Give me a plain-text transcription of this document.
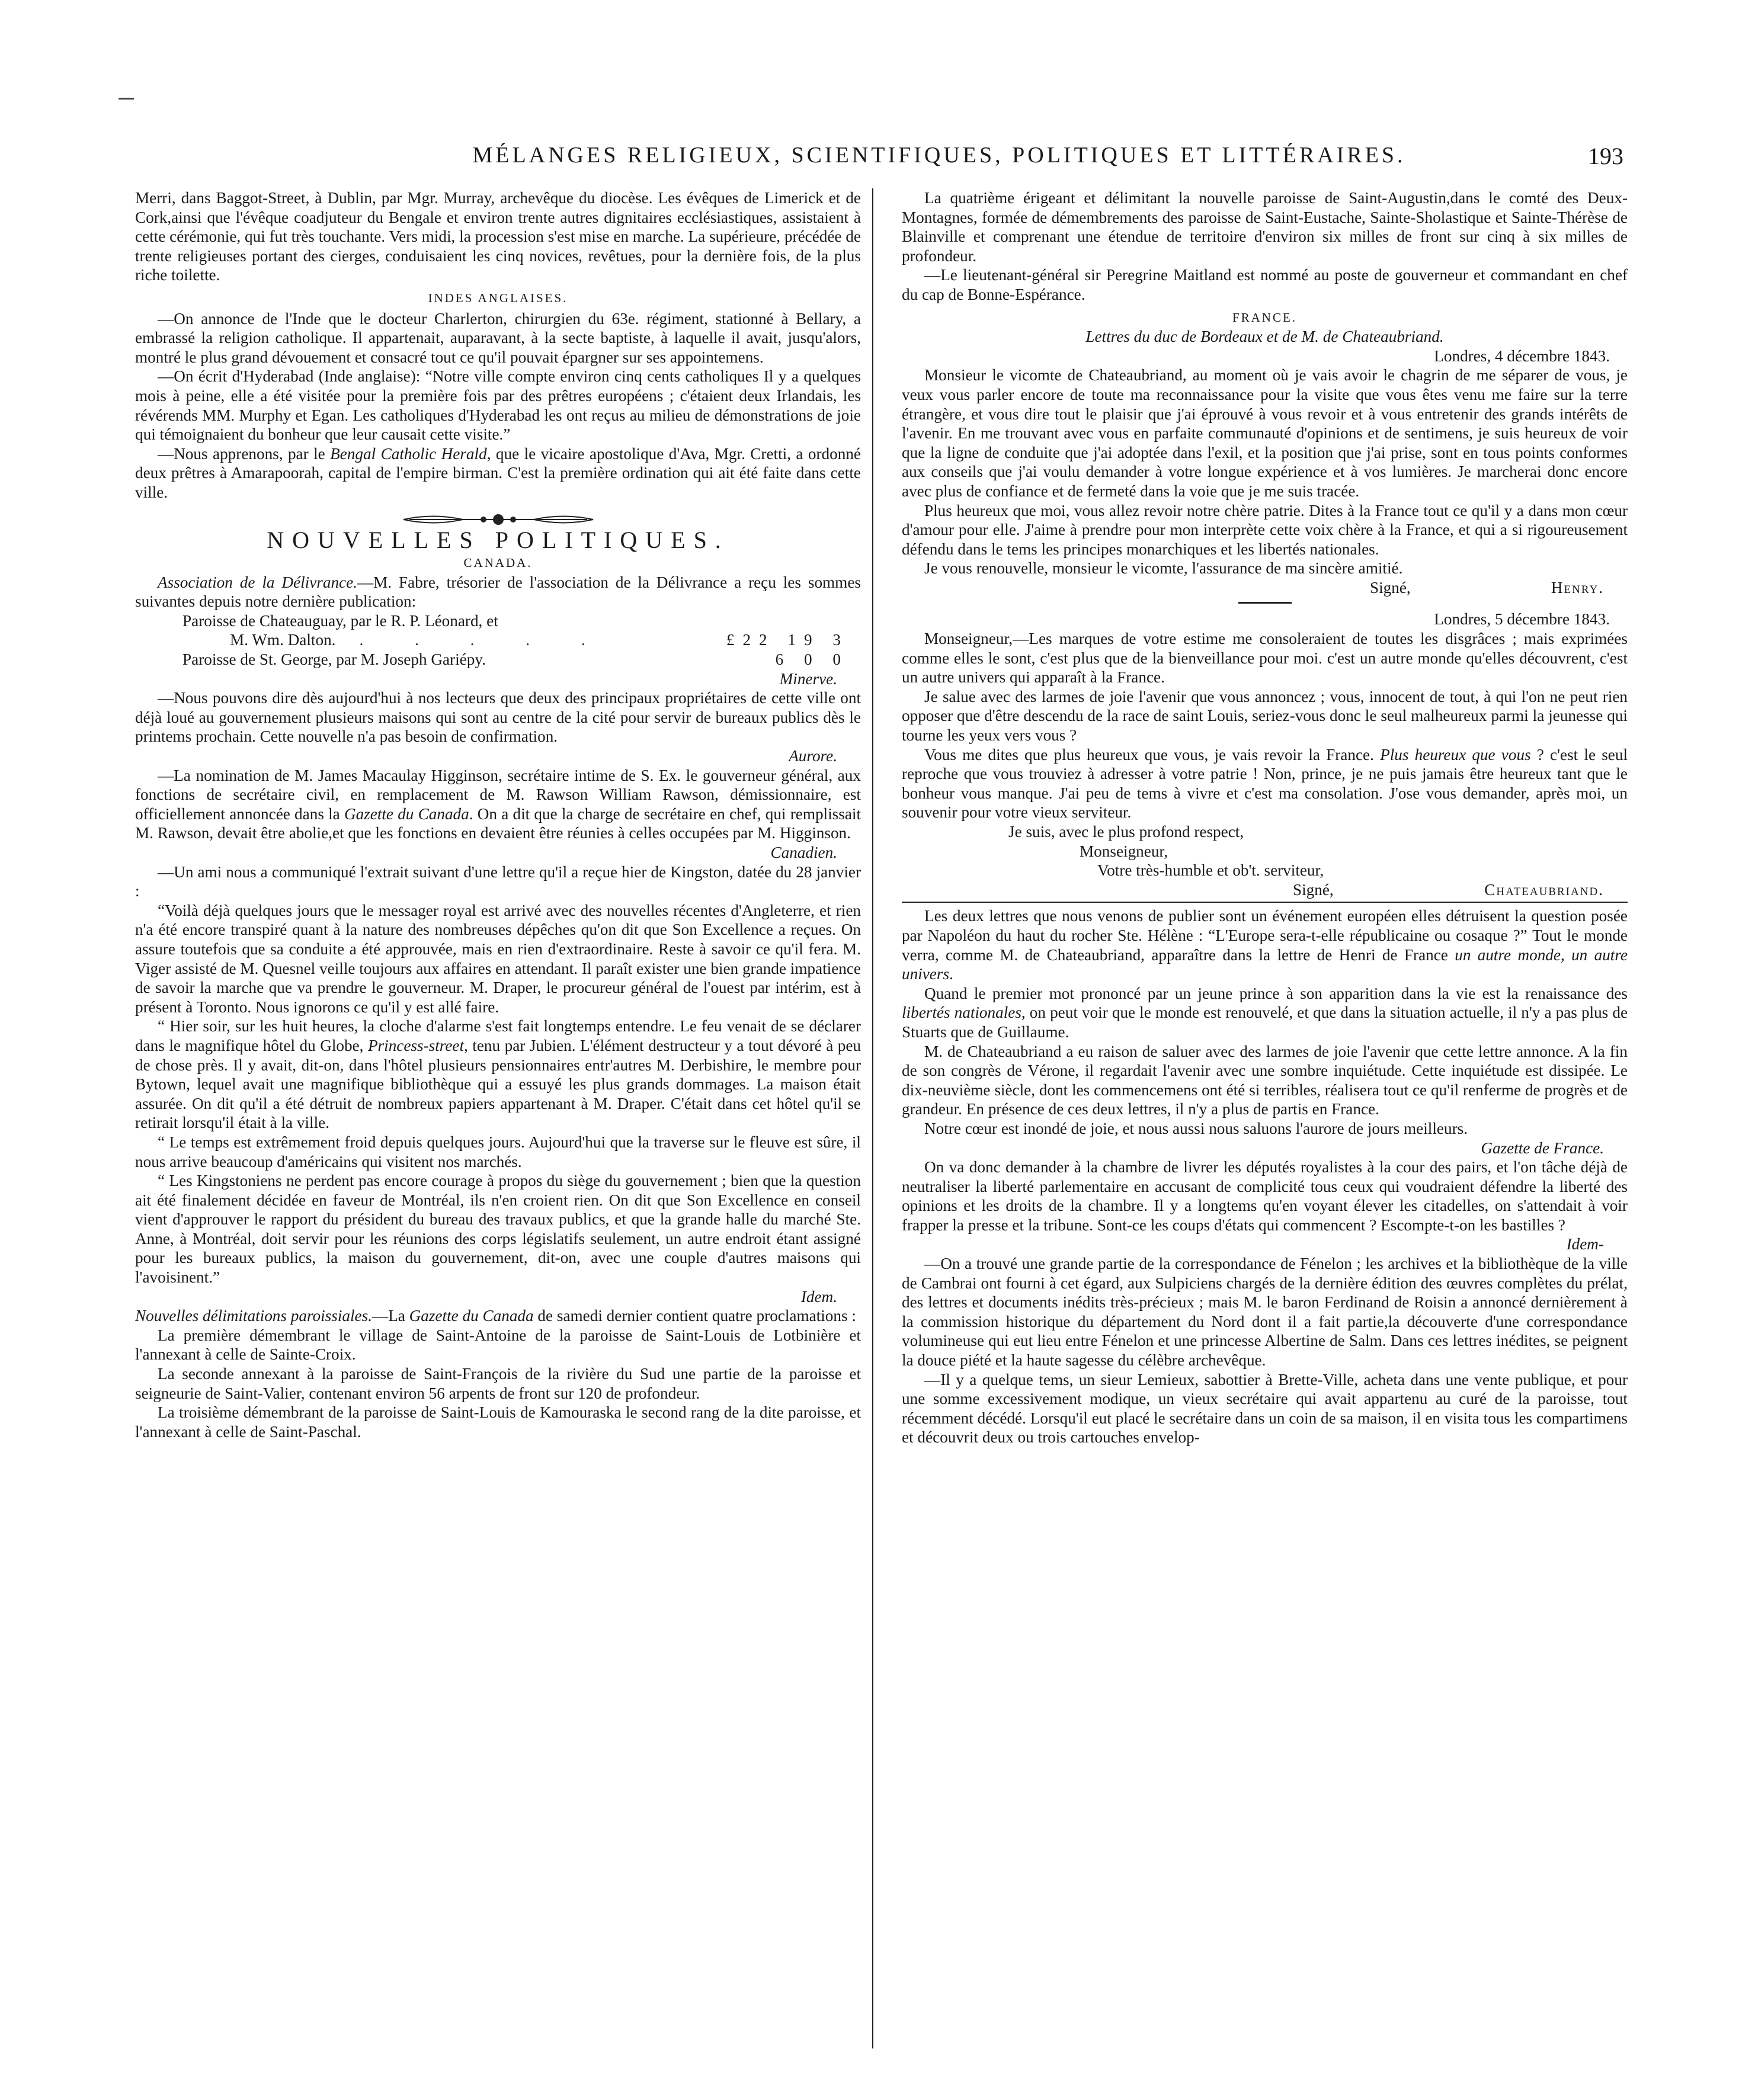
MÉLANGES RELIGIEUX, SCIENTIFIQUES, POLITIQUES ET LITTÉRAIRES.	193

Merri, dans Baggot-Street, à Dublin, par Mgr. Murray, archevêque du diocèse. Les évêques de Limerick et de Cork,ainsi que l'évêque coadjuteur du Bengale et environ trente autres dignitaires ecclésiastiques, assistaient à cette cérémonie, qui fut très touchante. Vers midi, la procession s'est mise en marche. La supérieure, précédée de trente religieuses portant des cierges, conduisaient les cinq novices, revêtues, pour la dernière fois, de la plus riche toilette.

INDES ANGLAISES.

—On annonce de l'Inde que le docteur Charlerton, chirurgien du 63e. régiment, stationné à Bellary, a embrassé la religion catholique. Il appartenait, auparavant, à la secte baptiste, à laquelle il avait, jusqu'alors, montré le plus grand dévouement et consacré tout ce qu'il pouvait épargner sur ses appointemens.

—On écrit d'Hyderabad (Inde anglaise): “Notre ville compte environ cinq cents catholiques Il y a quelques mois à peine, elle a été visitée pour la première fois par des prêtres européens ; c'étaient deux Irlandais, les révérends MM. Murphy et Egan. Les catholiques d'Hyderabad les ont reçus au milieu de démonstrations de joie qui témoignaient du bonheur que leur causait cette visite.”

—Nous apprenons, par le Bengal Catholic Herald, que le vicaire apostolique d'Ava, Mgr. Cretti, a ordonné deux prêtres à Amarapoorah, capital de l'empire birman. C'est la première ordination qui ait été faite dans cette ville.

NOUVELLES POLITIQUES.
CANADA.

Association de la Délivrance.—M. Fabre, trésorier de l'association de la Délivrance a reçu les sommes suivantes depuis notre dernière publication:

Paroisse de Chateauguay, par le R. P. Léonard, et
M. Wm. Dalton.	. . . . .	£22 19 3
Paroisse de St. George, par M. Joseph Gariépy.	6 0 0

Minerve.

—Nous pouvons dire dès aujourd'hui à nos lecteurs que deux des principaux propriétaires de cette ville ont déjà loué au gouvernement plusieurs maisons qui sont au centre de la cité pour servir de bureaux publics dès le printems prochain. Cette nouvelle n'a pas besoin de confirmation.

Aurore.

—La nomination de M. James Macaulay Higginson, secrétaire intime de S. Ex. le gouverneur général, aux fonctions de secrétaire civil, en remplacement de M. Rawson William Rawson, démissionnaire, est officiellement annoncée dans la Gazette du Canada. On a dit que la charge de secrétaire en chef, qui remplissait M. Rawson, devait être abolie,et que les fonctions en devaient être réunies à celles occupées par M. Higginson.

Canadien.

—Un ami nous a communiqué l'extrait suivant d'une lettre qu'il a reçue hier de Kingston, datée du 28 janvier :

“Voilà déjà quelques jours que le messager royal est arrivé avec des nouvelles récentes d'Angleterre, et rien n'a été encore transpiré quant à la nature des nombreuses dépêches qu'on dit que Son Excellence a reçues. On assure toutefois que sa conduite a été approuvée, mais en rien d'extraordinaire. Reste à savoir ce qu'il fera. M. Viger assisté de M. Quesnel veille toujours aux affaires en attendant. Il paraît exister une bien grande impatience de savoir la marche que va prendre le gouverneur. M. Draper, le procureur général de l'ouest par intérim, est à présent à Toronto. Nous ignorons ce qu'il y est allé faire.

“ Hier soir, sur les huit heures, la cloche d'alarme s'est fait longtemps entendre. Le feu venait de se déclarer dans le magnifique hôtel du Globe, Princess-street, tenu par Jubien. L'élément destructeur y a tout dévoré à peu de chose près. Il y avait, dit-on, dans l'hôtel plusieurs pensionnaires entr'autres M. Derbishire, le membre pour Bytown, lequel avait une magnifique bibliothèque qui a essuyé les plus grands dommages. La maison était assurée. On dit qu'il a été détruit de nombreux papiers appartenant à M. Draper. C'était dans cet hôtel qu'il se retirait lorsqu'il était à la ville.

“ Le temps est extrêmement froid depuis quelques jours. Aujourd'hui que la traverse sur le fleuve est sûre, il nous arrive beaucoup d'américains qui visitent nos marchés.

“ Les Kingstoniens ne perdent pas encore courage à propos du siège du gouvernement ; bien que la question ait été finalement décidée en faveur de Montréal, ils n'en croient rien. On dit que Son Excellence en conseil vient d'approuver le rapport du président du bureau des travaux publics, et que la grande halle du marché Ste. Anne, à Montréal, doit servir pour les réunions des corps législatifs seulement, un autre endroit étant assigné pour les bureaux publics, la maison du gouvernement, dit-on, avec une couple d'autres maisons qui l'avoisinent.”

Idem.

Nouvelles délimitations paroissiales.—La Gazette du Canada de samedi dernier contient quatre proclamations :

La première démembrant le village de Saint-Antoine de la paroisse de Saint-Louis de Lotbinière et l'annexant à celle de Sainte-Croix.

La seconde annexant à la paroisse de Saint-François de la rivière du Sud une partie de la paroisse et seigneurie de Saint-Valier, contenant environ 56 arpents de front sur 120 de profondeur.

La troisième démembrant de la paroisse de Saint-Louis de Kamouraska le second rang de la dite paroisse, et l'annexant à celle de Saint-Paschal.

La quatrième érigeant et délimitant la nouvelle paroisse de Saint-Augustin,dans le comté des Deux-Montagnes, formée de démembrements des paroisse de Saint-Eustache, Sainte-Sholastique et Sainte-Thérèse de Blainville et comprenant une étendue de territoire d'environ six milles de front sur cinq à six milles de profondeur.

—Le lieutenant-général sir Peregrine Maitland est nommé au poste de gouverneur et commandant en chef du cap de Bonne-Espérance.

FRANCE.

Lettres du duc de Bordeaux et de M. de Chateaubriand.

Londres, 4 décembre 1843.

Monsieur le vicomte de Chateaubriand, au moment où je vais avoir le chagrin de me séparer de vous, je veux vous parler encore de toute ma reconnaissance pour la visite que vous êtes venu me faire sur la terre étrangère, et vous dire tout le plaisir que j'ai éprouvé à vous revoir et à vous entretenir des grands intérêts de l'avenir. En me trouvant avec vous en parfaite communauté d'opinions et de sentimens, je suis heureux de voir que la ligne de conduite que j'ai adoptée dans l'exil, et la position que j'ai prise, sont en tous points conformes aux conseils que j'ai voulu demander à votre longue expérience et à vos lumières. Je marcherai donc encore avec plus de confiance et de fermeté dans la voie que je me suis tracée.

Plus heureux que moi, vous allez revoir notre chère patrie. Dites à la France tout ce qu'il y a dans mon cœur d'amour pour elle. J'aime à prendre pour mon interprète cette voix chère à la France, et qui a si rigoureusement défendu dans le tems les principes monarchiques et les libertés nationales.

Je vous renouvelle, monsieur le vicomte, l'assurance de ma sincère amitié.

Signé,	Henry.

Londres, 5 décembre 1843.

Monseigneur,—Les marques de votre estime me consoleraient de toutes les disgrâces ; mais exprimées comme elles le sont, c'est plus que de la bienveillance pour moi. c'est un autre monde qu'elles découvrent, c'est un autre univers qui apparaît à la France.

Je salue avec des larmes de joie l'avenir que vous annoncez ; vous, innocent de tout, à qui l'on ne peut rien opposer que d'être descendu de la race de saint Louis, seriez-vous donc le seul malheureux parmi la jeunesse qui tourne les yeux vers vous ?

Vous me dites que plus heureux que vous, je vais revoir la France. Plus heureux que vous ? c'est le seul reproche que vous trouviez à adresser à votre patrie ! Non, prince, je ne puis jamais être heureux tant que le bonheur vous manque. J'ai peu de tems à vivre et c'est ma consolation. J'ose vous demander, après moi, un souvenir pour votre vieux serviteur.

Je suis, avec le plus profond respect,

Monseigneur,

Votre très-humble et ob't. serviteur,

Signé,	Chateaubriand.

Les deux lettres que nous venons de publier sont un événement européen elles détruisent la question posée par Napoléon du haut du rocher Ste. Hélène : “L'Europe sera-t-elle républicaine ou cosaque ?” Tout le monde verra, comme M. de Chateaubriand, apparaître dans la lettre de Henri de France un autre monde, un autre univers.

Quand le premier mot prononcé par un jeune prince à son apparition dans la vie est la renaissance des libertés nationales, on peut voir que le monde est renouvelé, et que dans la situation actuelle, il n'y a pas plus de Stuarts que de Guillaume.

M. de Chateaubriand a eu raison de saluer avec des larmes de joie l'avenir que cette lettre annonce. A la fin de son congrès de Vérone, il regardait l'avenir avec une sombre inquiétude. Cette inquiétude est dissipée. Le dix-neuvième siècle, dont les commencemens ont été si terribles, réalisera tout ce qu'il renferme de progrès et de grandeur. En présence de ces deux lettres, il n'y a plus de partis en France.

Notre cœur est inondé de joie, et nous aussi nous saluons l'aurore de jours meilleurs.

Gazette de France.

On va donc demander à la chambre de livrer les députés royalistes à la cour des pairs, et l'on tâche déjà de neutraliser la liberté parlementaire en accusant de complicité tous ceux qui voudraient défendre la liberté des opinions et les droits de la chambre. Il y a longtems qu'en voyant élever les citadelles, on s'attendait à voir frapper la presse et la tribune. Sont-ce les coups d'états qui commencent ? Escompte-t-on les bastilles ?

Idem-

—On a trouvé une grande partie de la correspondance de Fénelon ; les archives et la bibliothèque de la ville de Cambrai ont fourni à cet égard, aux Sulpiciens chargés de la dernière édition des œuvres complètes du prélat, des lettres et documents inédits très-précieux ; mais M. le baron Ferdinand de Roisin a annoncé dernièrement à la commission historique du département du Nord dont il a fait partie,la découverte d'une correspondance volumineuse qui eut lieu entre Fénelon et une princesse Albertine de Salm. Dans ces lettres inédites, se peignent la douce piété et la haute sagesse du célèbre archevêque.

—Il y a quelque tems, un sieur Lemieux, sabottier à Brette-Ville, acheta dans une vente publique, et pour une somme excessivement modique, un vieux secrétaire qui avait appartenu au curé de la paroisse, tout récemment décédé. Lorsqu'il eut placé le secrétaire dans un coin de sa maison, il en visita tous les compartimens et découvrit deux ou trois cartouches envelop-
